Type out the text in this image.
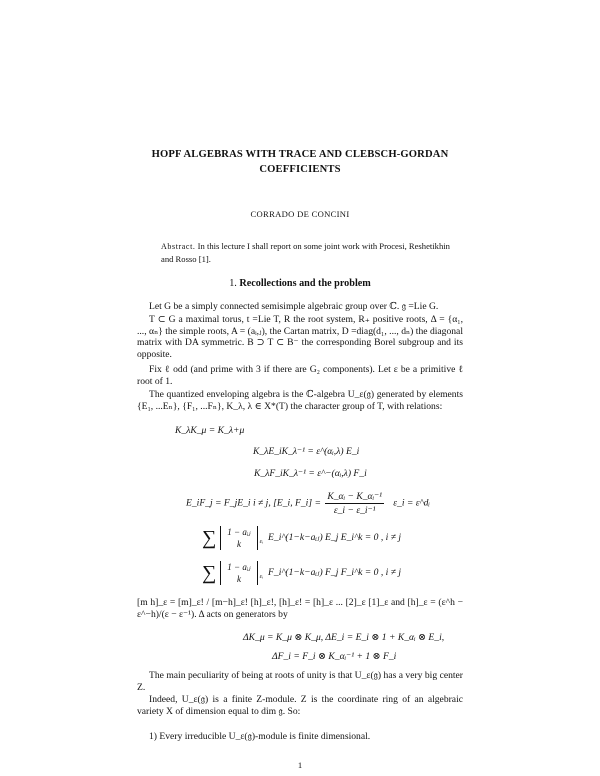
HOPF ALGEBRAS WITH TRACE AND CLEBSCH-GORDAN
COEFFICIENTS
CORRADO DE CONCINI
Abstract. In this lecture I shall report on some joint work with Procesi, Reshetikhin and Rosso [1].
1. Recollections and the problem
Let G be a simply connected semisimple algebraic group over ℂ. 𝔤 =Lie G.
T ⊂ G a maximal torus, t =Lie T, R the root system, R₊ positive roots, Δ = {α₁, ..., αₙ} the simple roots, A = (aᵢ,ⱼ), the Cartan matrix, D =diag(d₁, ..., dₙ) the diagonal matrix with DA symmetric. B ⊃ T ⊂ B⁻ the corresponding Borel subgroup and its opposite.
Fix ℓ odd (and prime with 3 if there are G₂ components). Let ε be a primitive ℓ root of 1.
The quantized enveloping algebra is the ℂ-algebra U_ε(𝔤) generated by elements {E₁, ...Eₙ}, {F₁, ...Fₙ}, K_λ, λ ∈ X*(T) the character group of T, with relations:
K_λK_μ = K_λ+μ
K_λE_iK_λ⁻¹ = ε^(αᵢ,λ) E_i
K_λF_iK_λ⁻¹ = ε^−(αᵢ,λ) F_i
E_iF_j = F_jE_i i ≠ j, [E_i, F_i] = $\frac{\text{K\_αᵢ − K\_αᵢ⁻¹}}{\text{ε\_i − ε\_i⁻¹}}$ ε_i = ε^dᵢ
∑ 1 − aᵢⱼ
k	$_{\varepsilon ᵢ}$ E_i^(1−k−aᵢⱼ) E_j E_i^k = 0 , i ≠ j
∑ 1 − aᵢⱼ
k	$_{\varepsilon ᵢ}$ F_i^(1−k−aᵢⱼ) F_j F_i^k = 0 , i ≠ j
[m h]_ε = [m]_ε! / [m−h]_ε! [h]_ε!, [h]_ε! = [h]_ε ... [2]_ε [1]_ε and [h]_ε = (ε^h − ε^−h)/(ε − ε⁻¹). Δ acts on generators by
ΔK_μ = K_μ ⊗ K_μ, ΔE_i = E_i ⊗ 1 + K_αᵢ ⊗ E_i,
ΔF_i = F_i ⊗ K_αᵢ⁻¹ + 1 ⊗ F_i
The main peculiarity of being at roots of unity is that U_ε(𝔤) has a very big center Z.
Indeed, U_ε(𝔤) is a finite Z-module. Z is the coordinate ring of an algebraic variety X of dimension equal to dim 𝔤. So:
1) Every irreducible U_ε(𝔤)-module is finite dimensional.
1
